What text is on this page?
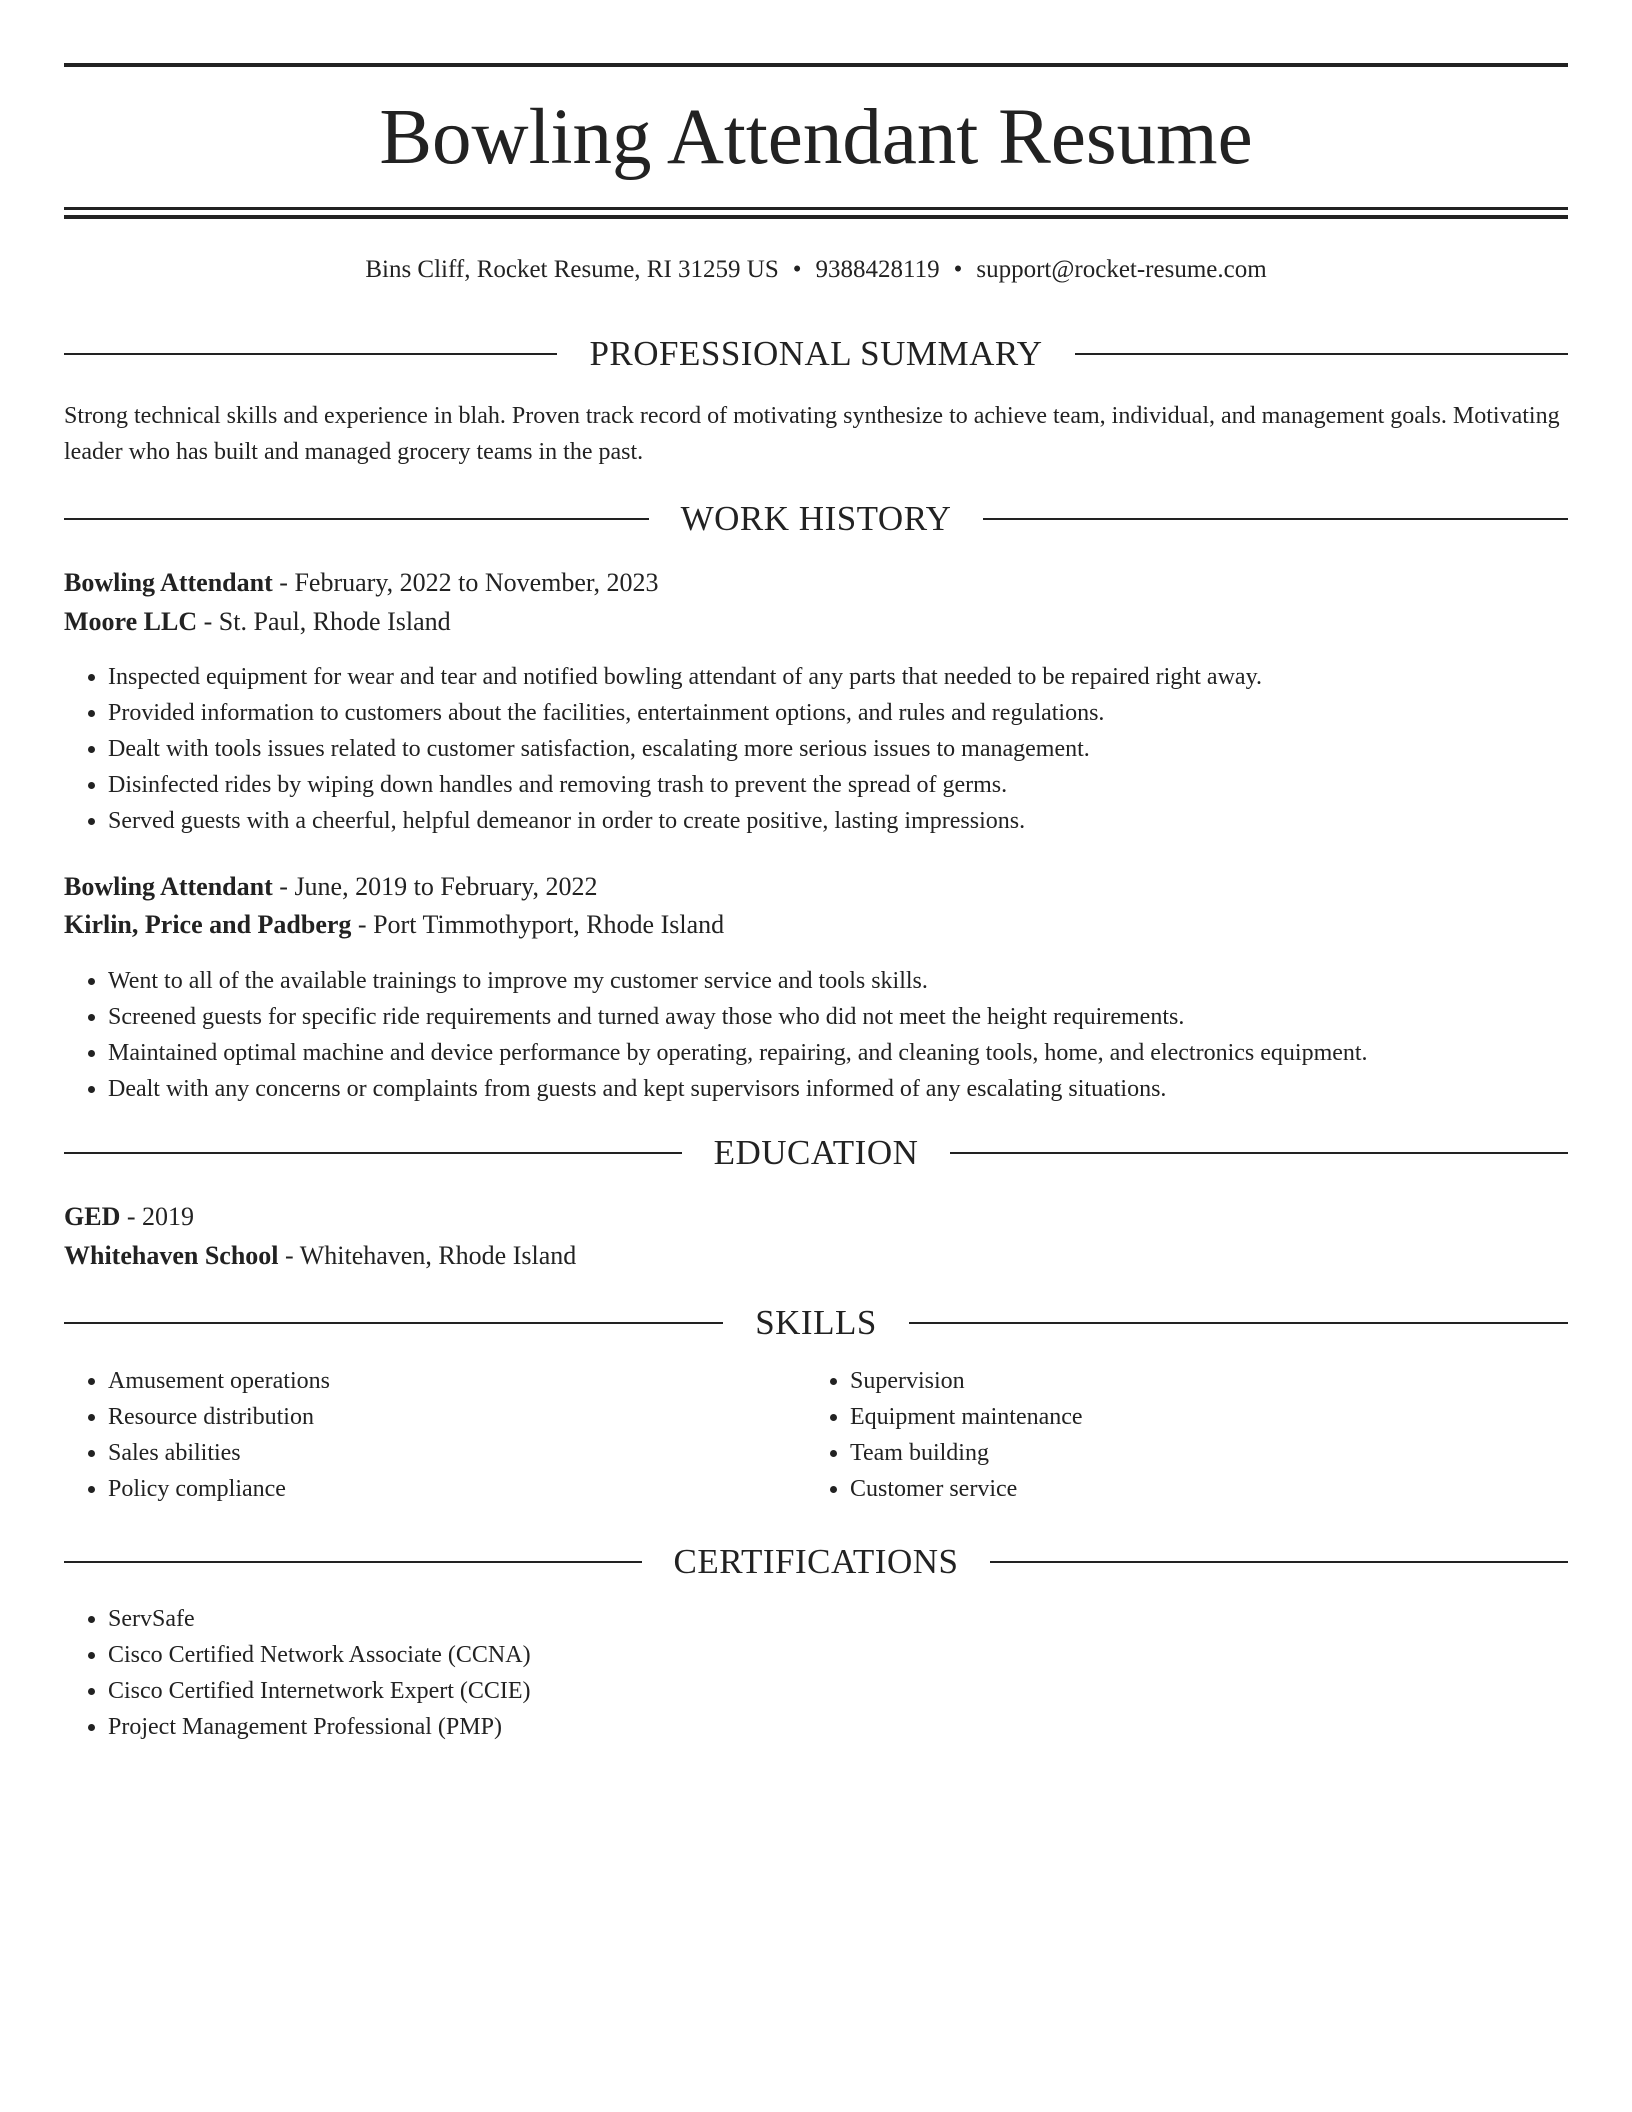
Bowling Attendant Resume
Bins Cliff, Rocket Resume, RI 31259 US • 9388428119 • support@rocket-resume.com
PROFESSIONAL SUMMARY

Strong technical skills and experience in blah. Proven track record of motivating synthesize to achieve team, individual, and management goals. Motivating leader who has built and managed grocery teams in the past.

WORK HISTORY
Bowling Attendant - February, 2022 to November, 2023
Moore LLC - St. Paul, Rhode Island
• Inspected equipment for wear and tear and notified bowling attendant of any parts that needed to be repaired right away.
• Provided information to customers about the facilities, entertainment options, and rules and regulations.
• Dealt with tools issues related to customer satisfaction, escalating more serious issues to management.
• Disinfected rides by wiping down handles and removing trash to prevent the spread of germs.
• Served guests with a cheerful, helpful demeanor in order to create positive, lasting impressions.
Bowling Attendant - June, 2019 to February, 2022
Kirlin, Price and Padberg - Port Timmothyport, Rhode Island
• Went to all of the available trainings to improve my customer service and tools skills.
• Screened guests for specific ride requirements and turned away those who did not meet the height requirements.
• Maintained optimal machine and device performance by operating, repairing, and cleaning tools, home, and electronics equipment.
• Dealt with any concerns or complaints from guests and kept supervisors informed of any escalating situations.
EDUCATION
GED - 2019
Whitehaven School - Whitehaven, Rhode Island
SKILLS
• Amusement operations
• Resource distribution
• Sales abilities
• Policy compliance
• Supervision
• Equipment maintenance
• Team building
• Customer service
CERTIFICATIONS
• ServSafe
• Cisco Certified Network Associate (CCNA)
• Cisco Certified Internetwork Expert (CCIE)
• Project Management Professional (PMP)
